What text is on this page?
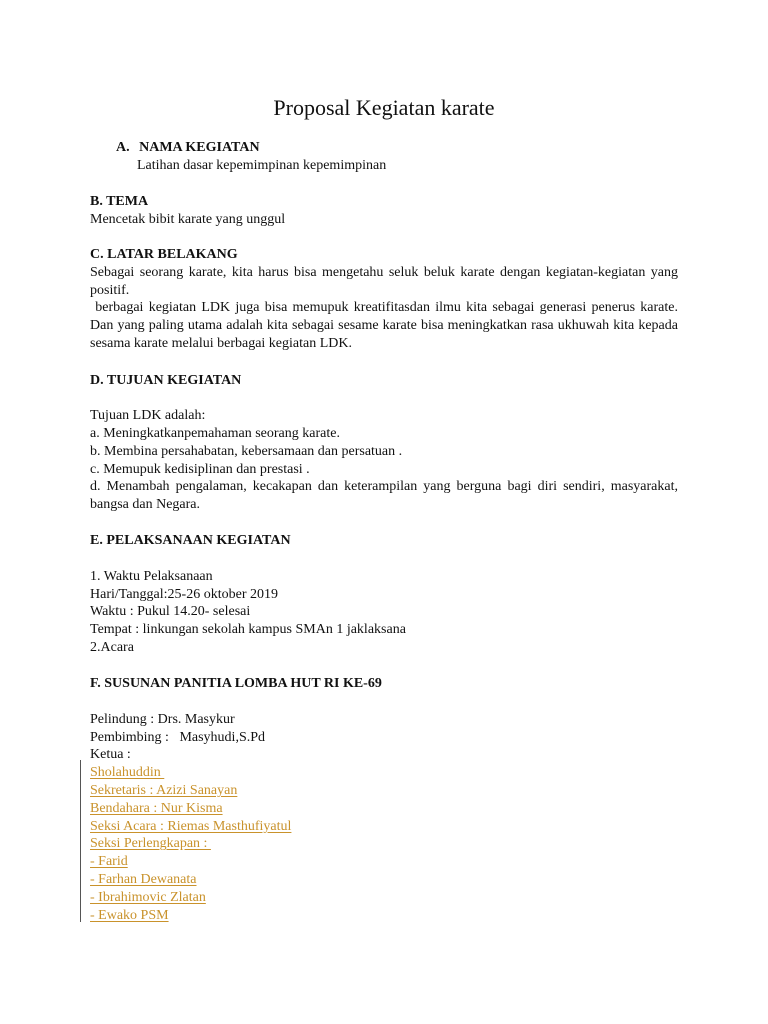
Proposal Kegiatan karate
A. NAMA KEGIATAN
Latihan dasar kepemimpinan kepemimpinan
B. TEMA
Mencetak bibit karate yang unggul
C. LATAR BELAKANG
Sebagai seorang karate, kita harus bisa mengetahu seluk beluk karate dengan kegiatan-kegiatan yang positif.
berbagai kegiatan LDK juga bisa memupuk kreatifitasdan ilmu kita sebagai generasi penerus karate. Dan yang paling utama adalah kita sebagai sesame karate bisa meningkatkan rasa ukhuwah kita kepada sesama karate melalui berbagai kegiatan LDK.
D. TUJUAN KEGIATAN
Tujuan LDK adalah:
a. Meningkatkanpemahaman seorang karate.
b. Membina persahabatan, kebersamaan dan persatuan .
c. Memupuk kedisiplinan dan prestasi .
d. Menambah pengalaman, kecakapan dan keterampilan yang berguna bagi diri sendiri, masyarakat, bangsa dan Negara.
E. PELAKSANAAN KEGIATAN
1. Waktu Pelaksanaan
Hari/Tanggal:25-26 oktober 2019
Waktu : Pukul 14.20- selesai
Tempat : linkungan sekolah kampus SMAn 1 jaklaksana
2.Acara
F. SUSUNAN PANITIA LOMBA HUT RI KE-69
Pelindung : Drs. Masykur
Pembimbing :   Masyhudi,S.Pd
Ketua :
Sholahuddin
Sekretaris : Azizi Sanayan
Bendahara : Nur Kisma
Seksi Acara : Riemas Masthufiyatul
Seksi Perlengkapan :
- Farid
- Farhan Dewanata
- Ibrahimovic Zlatan
- Ewako PSM
